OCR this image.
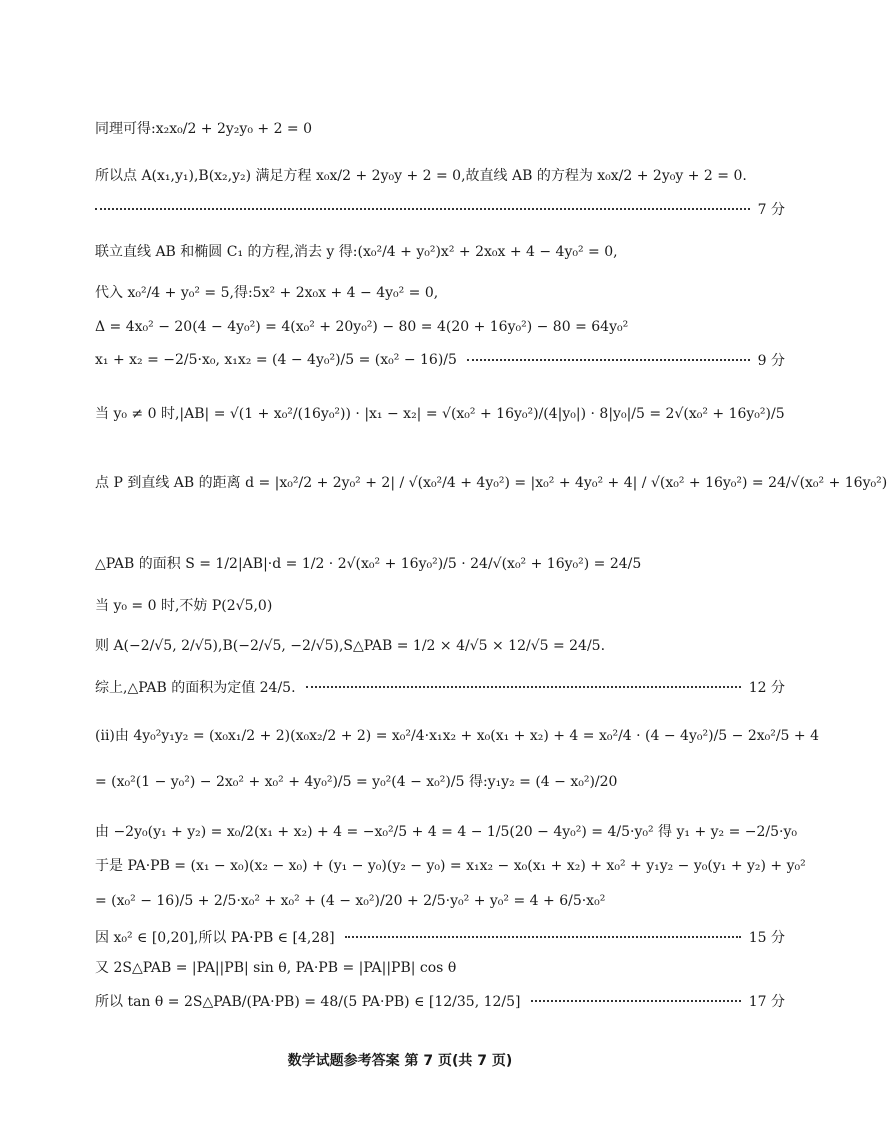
同理可得:x₂x₀/2 + 2y₂y₀ + 2 = 0
所以点 A(x₁,y₁),B(x₂,y₂) 满足方程 x₀x/2 + 2y₀y + 2 = 0,故直线 AB 的方程为 x₀x/2 + 2y₀y + 2 = 0.
7 分
联立直线 AB 和椭圆 C₁ 的方程,消去 y 得:(x₀²/4 + y₀²)x² + 2x₀x + 4 − 4y₀² = 0,
代入 x₀²/4 + y₀² = 5,得:5x² + 2x₀x + 4 − 4y₀² = 0,
Δ = 4x₀² − 20(4 − 4y₀²) = 4(x₀² + 20y₀²) − 80 = 4(20 + 16y₀²) − 80 = 64y₀²
x₁ + x₂ = −2/5·x₀, x₁x₂ = (4 − 4y₀²)/5 = (x₀² − 16)/5	9 分
当 y₀ ≠ 0 时,|AB| = √(1 + x₀²/(16y₀²)) · |x₁ − x₂| = √(x₀² + 16y₀²)/(4|y₀|) · 8|y₀|/5 = 2√(x₀² + 16y₀²)/5
点 P 到直线 AB 的距离 d = |x₀²/2 + 2y₀² + 2| / √(x₀²/4 + 4y₀²) = |x₀² + 4y₀² + 4| / √(x₀² + 16y₀²) = 24/√(x₀² + 16y₀²)
△PAB 的面积 S = 1/2|AB|·d = 1/2 · 2√(x₀² + 16y₀²)/5 · 24/√(x₀² + 16y₀²) = 24/5
当 y₀ = 0 时,不妨 P(2√5,0)
则 A(−2/√5, 2/√5),B(−2/√5, −2/√5),S△PAB = 1/2 × 4/√5 × 12/√5 = 24/5.
综上,△PAB 的面积为定值 24/5.	12 分
(ⅱ)由 4y₀²y₁y₂ = (x₀x₁/2 + 2)(x₀x₂/2 + 2) = x₀²/4·x₁x₂ + x₀(x₁ + x₂) + 4 = x₀²/4 · (4 − 4y₀²)/5 − 2x₀²/5 + 4
= (x₀²(1 − y₀²) − 2x₀² + x₀² + 4y₀²)/5 = y₀²(4 − x₀²)/5 得:y₁y₂ = (4 − x₀²)/20
由 −2y₀(y₁ + y₂) = x₀/2(x₁ + x₂) + 4 = −x₀²/5 + 4 = 4 − 1/5(20 − 4y₀²) = 4/5·y₀² 得 y₁ + y₂ = −2/5·y₀
于是 PA·PB = (x₁ − x₀)(x₂ − x₀) + (y₁ − y₀)(y₂ − y₀) = x₁x₂ − x₀(x₁ + x₂) + x₀² + y₁y₂ − y₀(y₁ + y₂) + y₀²
= (x₀² − 16)/5 + 2/5·x₀² + x₀² + (4 − x₀²)/20 + 2/5·y₀² + y₀² = 4 + 6/5·x₀²
因 x₀² ∈ [0,20],所以 PA·PB ∈ [4,28]	15 分
又 2S△PAB = |PA||PB| sin θ, PA·PB = |PA||PB| cos θ
所以 tan θ = 2S△PAB/(PA·PB) = 48/(5 PA·PB) ∈ [12/35, 12/5]	17 分
数学试题参考答案 第 7 页(共 7 页)
